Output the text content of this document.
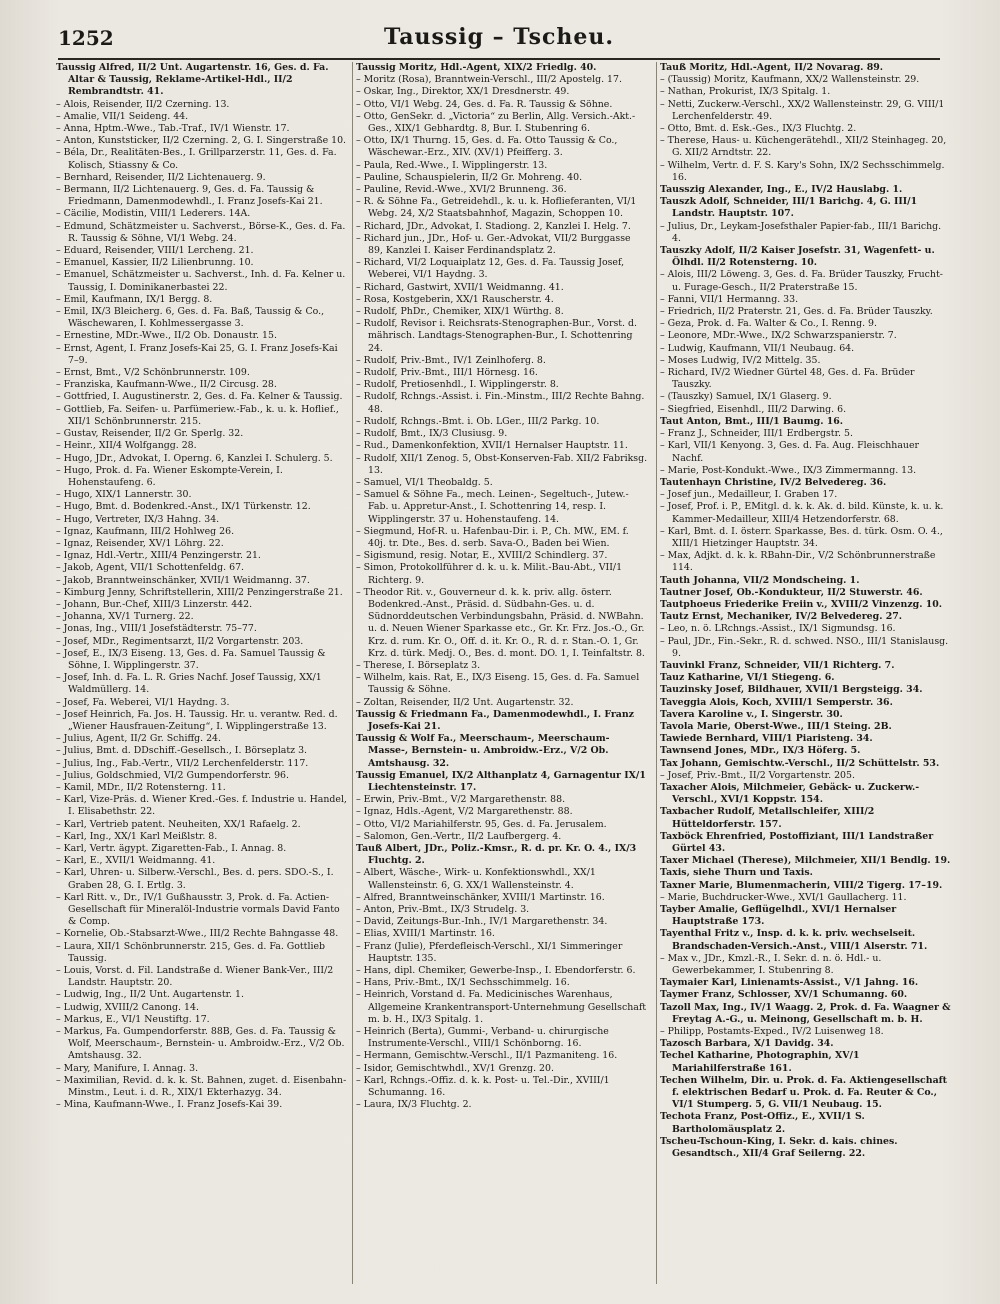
1252	Taussig – Tscheu.

Taussig Alfred, II/2 Unt. Augartenstr. 16, Ges. d. Fa. Altar & Taussig, Reklame-Artikel-Hdl., II/2 Rembrandtstr. 41.

– Alois, Reisender, II/2 Czerning. 13.

– Amalie, VII/1 Seideng. 44.

– Anna, Hptm.-Wwe., Tab.-Traf., IV/1 Wienstr. 17.

– Anton, Kunststicker, II/2 Czerning. 2, G. I. Singerstraße 10.

– Béla, Dr., Realitäten-Bes., I. Grillparzerstr. 11, Ges. d. Fa. Kolisch, Stiassny & Co.

– Bernhard, Reisender, II/2 Lichtenauerg. 9.

– Bermann, II/2 Lichtenauerg. 9, Ges. d. Fa. Taussig & Friedmann, Damenmodewhdl., I. Franz Josefs-Kai 21.

– Cäcilie, Modistin, VIII/1 Lederers. 14A.

– Edmund, Schätzmeister u. Sachverst., Börse-K., Ges. d. Fa. R. Taussig & Söhne, VI/1 Webg. 24.

– Eduard, Reisender, VIII/1 Lercheng. 21.

– Emanuel, Kassier, II/2 Lilienbrunng. 10.

– Emanuel, Schätzmeister u. Sachverst., Inh. d. Fa. Kelner u. Taussig, I. Dominikanerbastei 22.

– Emil, Kaufmann, IX/1 Bergg. 8.

– Emil, IX/3 Bleicherg. 6, Ges. d. Fa. Baß, Taussig & Co., Wäschewaren, I. Kohlmessergasse 3.

– Ernestine, MDr.-Wwe., II/2 Ob. Donaustr. 15.

– Ernst, Agent, I. Franz Josefs-Kai 25, G. I. Franz Josefs-Kai 7–9.

– Ernst, Bmt., V/2 Schönbrunnerstr. 109.

– Franziska, Kaufmann-Wwe., II/2 Circusg. 28.

– Gottfried, I. Augustinerstr. 2, Ges. d. Fa. Kelner & Taussig.

– Gottlieb, Fa. Seifen- u. Parfümeriew.-Fab., k. u. k. Hoflief., XII/1 Schönbrunnerstr. 215.

– Gustav, Reisender, II/2 Gr. Sperlg. 32.

– Heinr., XII/4 Wolfgangg. 28.

– Hugo, JDr., Advokat, I. Operng. 6, Kanzlei I. Schulerg. 5.

– Hugo, Prok. d. Fa. Wiener Eskompte-Verein, I. Hohenstaufeng. 6.

– Hugo, XIX/1 Lannerstr. 30.

– Hugo, Bmt. d. Bodenkred.-Anst., IX/1 Türkenstr. 12.

– Hugo, Vertreter, IX/3 Hahng. 34.

– Ignaz, Kaufmann, III/2 Hohlweg 26.

– Ignaz, Reisender, XV/1 Löhrg. 22.

– Ignaz, Hdl.-Vertr., XIII/4 Penzingerstr. 21.

– Jakob, Agent, VII/1 Schottenfeldg. 67.

– Jakob, Branntweinschänker, XVII/1 Weidmanng. 37.

– Kimburg Jenny, Schriftstellerin, XIII/2 Penzingerstraße 21.

– Johann, Bur.-Chef, XIII/3 Linzerstr. 442.

– Johanna, XV/1 Turnerg. 22.

– Jonas, Ing., VIII/1 Josefstädterstr. 75–77.

– Josef, MDr., Regimentsarzt, II/2 Vorgartenstr. 203.

– Josef, E., IX/3 Eiseng. 13, Ges. d. Fa. Samuel Taussig & Söhne, I. Wipplingerstr. 37.

– Josef, Inh. d. Fa. L. R. Gries Nachf. Josef Taussig, XX/1 Waldmüllerg. 14.

– Josef, Fa. Weberei, VI/1 Haydng. 3.

– Josef Heinrich, Fa. Jos. H. Taussig. Hr. u. verantw. Red. d. „Wiener Hausfrauen-Zeitung“, I. Wipplingerstraße 13.

– Julius, Agent, II/2 Gr. Schiffg. 24.

– Julius, Bmt. d. DDschiff.-Gesellsch., I. Börseplatz 3.

– Julius, Ing., Fab.-Vertr., VII/2 Lerchenfelderstr. 117.

– Julius, Goldschmied, VI/2 Gumpendorferstr. 96.

– Kamil, MDr., II/2 Rotensterng. 11.

– Karl, Vize-Präs. d. Wiener Kred.-Ges. f. Industrie u. Handel, I. Elisabethstr. 22.

– Karl, Vertrieb patent. Neuheiten, XX/1 Rafaelg. 2.

– Karl, Ing., XX/1 Karl Meißlstr. 8.

– Karl, Vertr. ägypt. Zigaretten-Fab., I. Annag. 8.

– Karl, E., XVII/1 Weidmanng. 41.

– Karl, Uhren- u. Silberw.-Verschl., Bes. d. pers. SDO.-S., I. Graben 28, G. I. Ertlg. 3.

– Karl Ritt. v., Dr., IV/1 Gußhausstr. 3, Prok. d. Fa. Actien-Gesellschaft für Mineralöl-Industrie vormals David Fanto & Comp.

– Kornelie, Ob.-Stabsarzt-Wwe., III/2 Rechte Bahngasse 48.

– Laura, XII/1 Schönbrunnerstr. 215, Ges. d. Fa. Gottlieb Taussig.

– Louis, Vorst. d. Fil. Landstraße d. Wiener Bank-Ver., III/2 Landstr. Hauptstr. 20.

– Ludwig, Ing., II/2 Unt. Augartenstr. 1.

– Ludwig, XVIII/2 Canong. 14.

– Markus, E., VI/1 Neustiftg. 17.

– Markus, Fa. Gumpendorferstr. 88B, Ges. d. Fa. Taussig & Wolf, Meerschaum-, Bernstein- u. Ambroidw.-Erz., V/2 Ob. Amtshausg. 32.

– Mary, Manifure, I. Annag. 3.

– Maximilian, Revid. d. k. k. St. Bahnen, zuget. d. Eisenbahn-Minstm., Leut. i. d. R., XIX/1 Ekterhazyg. 34.

– Mina, Kaufmann-Wwe., I. Franz Josefs-Kai 39.

Taussig Moritz, Hdl.-Agent, XIX/2 Friedlg. 40.

– Moritz (Rosa), Branntwein-Verschl., III/2 Apostelg. 17.

– Oskar, Ing., Direktor, XX/1 Dresdnerstr. 49.

– Otto, VI/1 Webg. 24, Ges. d. Fa. R. Taussig & Söhne.

– Otto, GenSekr. d. „Victoria“ zu Berlin, Allg. Versich.-Akt.-Ges., XIX/1 Gebhardtg. 8, Bur. I. Stubenring 6.

– Otto, IX/1 Thurng. 15, Ges. d. Fa. Otto Taussig & Co., Wäschewar.-Erz., XIV. (XV/1) Pfeifferg. 3.

– Paula, Red.-Wwe., I. Wipplingerstr. 13.

– Pauline, Schauspielerin, II/2 Gr. Mohreng. 40.

– Pauline, Revid.-Wwe., XVI/2 Brunneng. 36.

– R. & Söhne Fa., Getreidehdl., k. u. k. Hoflieferanten, VI/1 Webg. 24, X/2 Staatsbahnhof, Magazin, Schoppen 10.

– Richard, JDr., Advokat, I. Stadiong. 2, Kanzlei I. Helg. 7.

– Richard jun., JDr., Hof- u. Ger.-Advokat, VII/2 Burggasse 89, Kanzlei I. Kaiser Ferdinandsplatz 2.

– Richard, VI/2 Loquaiplatz 12, Ges. d. Fa. Taussig Josef, Weberei, VI/1 Haydng. 3.

– Richard, Gastwirt, XVII/1 Weidmanng. 41.

– Rosa, Kostgeberin, XX/1 Rauscherstr. 4.

– Rudolf, PhDr., Chemiker, XIX/1 Würthg. 8.

– Rudolf, Revisor i. Reichsrats-Stenographen-Bur., Vorst. d. mährisch. Landtags-Stenographen-Bur., I. Schottenring 24.

– Rudolf, Priv.-Bmt., IV/1 Zeinlhoferg. 8.

– Rudolf, Priv.-Bmt., III/1 Hörnesg. 16.

– Rudolf, Pretiosenhdl., I. Wipplingerstr. 8.

– Rudolf, Rchngs.-Assist. i. Fin.-Minstm., III/2 Rechte Bahng. 48.

– Rudolf, Rchngs.-Bmt. i. Ob. LGer., III/2 Parkg. 10.

– Rudolf, Bmt., IX/3 Clusiusg. 9.

– Rud., Damenkonfektion, XVII/1 Hernalser Hauptstr. 11.

– Rudolf, XII/1 Zenog. 5, Obst-Konserven-Fab. XII/2 Fabriksg. 13.

– Samuel, VI/1 Theobaldg. 5.

– Samuel & Söhne Fa., mech. Leinen-, Segeltuch-, Jutew.-Fab. u. Appretur-Anst., I. Schottenring 14, resp. I. Wipplingerstr. 37 u. Hohenstaufeng. 14.

– Siegmund, Hof-R. u. Hafenbau-Dir. i. P., Ch. MW., EM. f. 40j. tr. Dte., Bes. d. serb. Sava-O., Baden bei Wien.

– Sigismund, resig. Notar, E., XVIII/2 Schindlerg. 37.

– Simon, Protokollführer d. k. u. k. Milit.-Bau-Abt., VII/1 Richterg. 9.

– Theodor Rit. v., Gouverneur d. k. k. priv. allg. österr. Bodenkred.-Anst., Präsid. d. Südbahn-Ges. u. d. Südnorddeutschen Verbindungsbahn, Präsid. d. NWBahn. u. d. Neuen Wiener Sparkasse etc., Gr. Kr. Frz. Jos.-O., Gr. Krz. d. rum. Kr. O., Off. d. it. Kr. O., R. d. r. Stan.-O. 1, Gr. Krz. d. türk. Medj. O., Bes. d. mont. DO. 1, I. Teinfaltstr. 8.

– Therese, I. Börseplatz 3.

– Wilhelm, kais. Rat, E., IX/3 Eiseng. 15, Ges. d. Fa. Samuel Taussig & Söhne.

– Zoltan, Reisender, II/2 Unt. Augartenstr. 32.

Taussig & Friedmann Fa., Damenmodewhdl., I. Franz Josefs-Kai 21.

Taussig & Wolf Fa., Meerschaum-, Meerschaum-Masse-, Bernstein- u. Ambroidw.-Erz., V/2 Ob. Amtshausg. 32.

Taussig Emanuel, IX/2 Althanplatz 4, Garnagentur IX/1 Liechtensteinstr. 17.

– Erwin, Priv.-Bmt., V/2 Margarethenstr. 88.

– Ignaz, Hdls.-Agent, V/2 Margarethenstr. 88.

– Otto, VI/2 Mariahilferstr. 95, Ges. d. Fa. Jerusalem.

– Salomon, Gen.-Vertr., II/2 Laufbergerg. 4.

Tauß Albert, JDr., Poliz.-Kmsr., R. d. pr. Kr. O. 4., IX/3 Fluchtg. 2.

– Albert, Wäsche-, Wirk- u. Konfektionswhdl., XX/1 Wallensteinstr. 6, G. XX/1 Wallensteinstr. 4.

– Alfred, Branntweinschänker, XVIII/1 Martinstr. 16.

– Anton, Priv.-Bmt., IX/3 Strudelg. 3.

– David, Zeitungs-Bur.-Inh., IV/1 Margarethenstr. 34.

– Elias, XVIII/1 Martinstr. 16.

– Franz (Julie), Pferdefleisch-Verschl., XI/1 Simmeringer Hauptstr. 135.

– Hans, dipl. Chemiker, Gewerbe-Insp., I. Ebendorferstr. 6.

– Hans, Priv.-Bmt., IX/1 Sechsschimmelg. 16.

– Heinrich, Vorstand d. Fa. Medicinisches Warenhaus, Allgemeine Krankentransport-Unternehmung Gesellschaft m. b. H., IX/3 Spitalg. 1.

– Heinrich (Berta), Gummi-, Verband- u. chirurgische Instrumente-Verschl., VIII/1 Schönborng. 16.

– Hermann, Gemischtw.-Verschl., II/1 Pazmaniteng. 16.

– Isidor, Gemischtwhdl., XV/1 Grenzg. 20.

– Karl, Rchngs.-Offiz. d. k. k. Post- u. Tel.-Dir., XVIII/1 Schumanng. 16.

– Laura, IX/3 Fluchtg. 2.

Tauß Moritz, Hdl.-Agent, II/2 Novarag. 89.

– (Taussig) Moritz, Kaufmann, XX/2 Wallensteinstr. 29.

– Nathan, Prokurist, IX/3 Spitalg. 1.

– Netti, Zuckerw.-Verschl., XX/2 Wallensteinstr. 29, G. VIII/1 Lerchenfelderstr. 49.

– Otto, Bmt. d. Esk.-Ges., IX/3 Fluchtg. 2.

– Therese, Haus- u. Küchengerätehdl., XII/2 Steinhageg. 20, G. XII/2 Arndtstr. 22.

– Wilhelm, Vertr. d. F. S. Kary's Sohn, IX/2 Sechsschimmelg. 16.

Tausszig Alexander, Ing., E., IV/2 Hauslabg. 1.

Tauszk Adolf, Schneider, III/1 Barichg. 4, G. III/1 Landstr. Hauptstr. 107.

– Julius, Dr., Leykam-Josefsthaler Papier-fab., III/1 Barichg. 4.

Tauszky Adolf, II/2 Kaiser Josefstr. 31, Wagenfett- u. Ölhdl. II/2 Rotensterng. 10.

– Alois, III/2 Löweng. 3, Ges. d. Fa. Brüder Tauszky, Frucht- u. Furage-Gesch., II/2 Praterstraße 15.

– Fanni, VII/1 Hermanng. 33.

– Friedrich, II/2 Praterstr. 21, Ges. d. Fa. Brüder Tauszky.

– Geza, Prok. d. Fa. Walter & Co., I. Renng. 9.

– Leonore, MDr.-Wwe., IX/2 Schwarzspanierstr. 7.

– Ludwig, Kaufmann, VII/1 Neubaug. 64.

– Moses Ludwig, IV/2 Mittelg. 35.

– Richard, IV/2 Wiedner Gürtel 48, Ges. d. Fa. Brüder Tauszky.

– (Tauszky) Samuel, IX/1 Glaserg. 9.

– Siegfried, Eisenhdl., III/2 Darwing. 6.

Taut Anton, Bmt., III/1 Baumg. 16.

– Franz J., Schneider, III/1 Erdbergstr. 5.

– Karl, VII/1 Kenyong. 3, Ges. d. Fa. Aug. Fleischhauer Nachf.

– Marie, Post-Kondukt.-Wwe., IX/3 Zimmermanng. 13.

Tautenhayn Christine, IV/2 Belvedereg. 36.

– Josef jun., Medailleur, I. Graben 17.

– Josef, Prof. i. P., EMitgl. d. k. k. Ak. d. bild. Künste, k. u. k. Kammer-Medailleur, XIII/4 Hetzendorferstr. 68.

– Karl, Bmt. d. I. österr. Sparkasse, Bes. d. türk. Osm. O. 4., XIII/1 Hietzinger Hauptstr. 34.

– Max, Adjkt. d. k. k. RBahn-Dir., V/2 Schönbrunnerstraße 114.

Tauth Johanna, VII/2 Mondscheing. 1.

Tautner Josef, Ob.-Kondukteur, II/2 Stuwerstr. 46.

Tautphoeus Friederike Freiin v., XVIII/2 Vinzenzg. 10.

Tautz Ernst, Mechaniker, IV/2 Belvedereg. 27.

– Leo, n. ö. LRchngs.-Assist., IX/1 Sigmundsg. 16.

– Paul, JDr., Fin.-Sekr., R. d. schwed. NSO., III/1 Stanislausg. 9.

Tauvinkl Franz, Schneider, VII/1 Richterg. 7.

Tauz Katharine, VI/1 Stiegeng. 6.

Tauzinsky Josef, Bildhauer, XVII/1 Bergsteigg. 34.

Taveggia Alois, Koch, XVIII/1 Semperstr. 36.

Tavera Karoline v., I. Singerstr. 30.

Tavola Marie, Oberst-Wwe., III/1 Steing. 2B.

Tawiede Bernhard, VIII/1 Piaristeng. 34.

Tawnsend Jones, MDr., IX/3 Höferg. 5.

Tax Johann, Gemischtw.-Verschl., II/2 Schüttelstr. 53.

– Josef, Priv.-Bmt., II/2 Vorgartenstr. 205.

Taxacher Alois, Milchmeier, Gebäck- u. Zuckerw.-Verschl., XVI/1 Koppstr. 154.

Taxbacher Rudolf, Metallschleifer, XIII/2 Hütteldorferstr. 157.

Taxböck Ehrenfried, Postoffiziant, III/1 Landstraßer Gürtel 43.

Taxer Michael (Therese), Milchmeier, XII/1 Bendlg. 19.

Taxis, siehe Thurn und Taxis.

Taxner Marie, Blumenmacherin, VIII/2 Tigerg. 17–19.

– Marie, Buchdrucker-Wwe., XVI/1 Gaullacherg. 11.

Tayber Amalie, Geflügelhdl., XVI/1 Hernalser Hauptstraße 173.

Tayenthal Fritz v., Insp. d. k. k. priv. wechselseit. Brandschaden-Versich.-Anst., VIII/1 Alserstr. 71.

– Max v., JDr., Kmzl.-R., I. Sekr. d. n. ö. Hdl.- u. Gewerbekammer, I. Stubenring 8.

Taymaier Karl, Linienamts-Assist., V/1 Jahng. 16.

Taymer Franz, Schlosser, XV/1 Schumanng. 60.

Tazoll Max, Ing., IV/1 Waagg. 2, Prok. d. Fa. Waagner & Freytag A.-G., u. Meinong, Gesellschaft m. b. H.

– Philipp, Postamts-Exped., IV/2 Luisenweg 18.

Tazosch Barbara, X/1 Davidg. 34.

Techel Katharine, Photographin, XV/1 Mariahilferstraße 161.

Techen Wilhelm, Dir. u. Prok. d. Fa. Aktiengesellschaft f. elektrischen Bedarf u. Prok. d. Fa. Reuter & Co., VI/1 Stumperg. 5, G. VII/1 Neubaug. 15.

Techota Franz, Post-Offiz., E., XVII/1 S. Bartholomäusplatz 2.

Tscheu-Tschoun-King, I. Sekr. d. kais. chines. Gesandtsch., XII/4 Graf Seilerng. 22.
